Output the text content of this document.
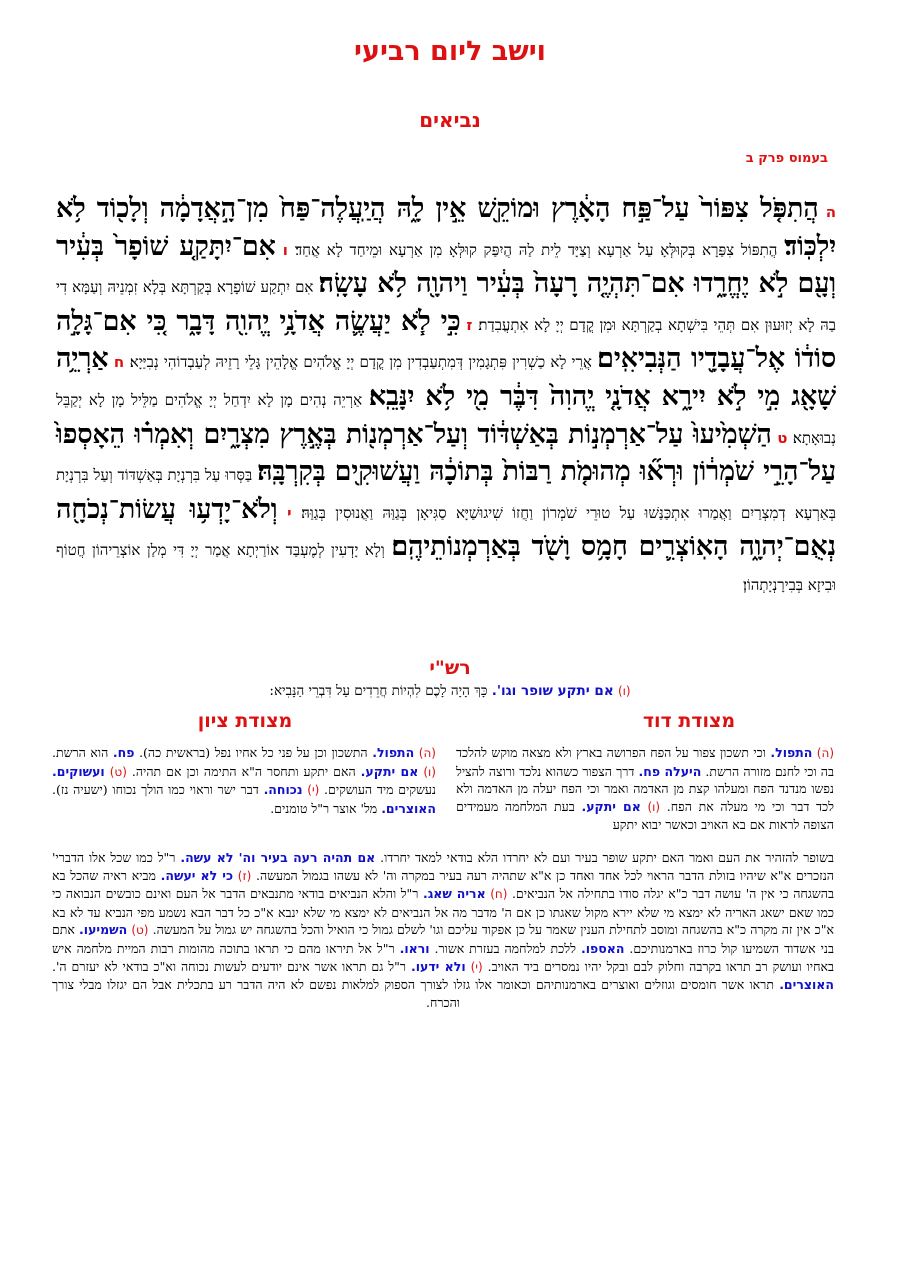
וישב ליום רביעי
נביאים
בעמוס פרק ב
ה הֲתִפֹּ֤ל צִפּוֹר֙ עַל־פַּ֣ח הָאָ֔רֶץ וּמוֹקֵ֖שׁ אֵ֣ין לָ֑הּ הֲיַֽעֲלֶה־פַּח֙ מִן־הָ֣אֲדָמָ֔ה וְלָכ֖וֹד לֹ֥א יִלְכּֽוֹד׃ הֲתִפּוֹל צִפַּרָא בְּקוּלְּאָ עַל אַרְעָא וְצַיָּד לֵית לַהּ הֲיִפַּק קוּלְּאָ מִן אַרְעָא וּמֵיחַד לָא אֲחַד׃ ו אִם־יִתָּקַ֤ע שׁוֹפָר֙ בְּעִ֔יר וְעָ֖ם לֹ֣א יֶחֱרָ֑דוּ אִם־תִּהְיֶ֤ה רָעָה֙ בְּעִ֔יר וַיהוָ֖ה לֹ֥א עָשָֽׂה׃ אִם יִתְקַע שׁוֹפָרָא בְּקַרְתָּא בְּלָא זִמְנֵיהּ וְעַמָּא דִי בַהּ לָא יְזוּעוּן אִם תְּהֵי בִּישְׁתָא בְקַרְתָּא וּמִן קֳדָם יְיָ לָא אִתְעֲבִדַת׃ ז כִּ֣י לֹ֧א יַעֲשֶׂ֛ה אֲדֹנָ֥י יֱהוִ֖ה דָּבָ֑ר כִּ֚י אִם־גָּלָ֣ה סוֹד֔וֹ אֶל־עֲבָדָ֖יו הַנְּבִיאִֽים׃ אֲרֵי לָא כַשְׁרִין פִּתְגָמִין דְּמִתְעַבְדִין מִן קֳדָם יְיָ אֱלֹהִים אֱלָהֵין גָּלֵי רָזֵיהּ לְעַבְדוֹהִי נְבִיַּיָא׃ ח אַרְיֵ֥ה שָׁאָ֖ג מִ֣י לֹ֣א יִירָ֑א אֲדֹנָ֤י יֱהוִה֙ דִּבֶּ֔ר מִ֖י לֹ֥א יִנָּבֵֽא׃ אַרְיֵה נְהִים מָן לָא יִדְחַל יְיָ אֱלֹהִים מַלֵּיל מָן לָא יְקַבֵּל נְבוּאָתָא׃ ט הַשְׁמִ֙יעוּ֙ עַל־אַרְמְנ֣וֹת בְּאַשְׁדּ֔וֹד וְעַל־אַרְמְנ֖וֹת בְּאֶ֣רֶץ מִצְרָ֑יִם וְאִמְר֗וּ הֵאָסְפוּ֙ עַל־הָרֵ֣י שֹׁמְר֔וֹן וּרְא֞וּ מְהוּמֹ֤ת רַבּוֹת֙ בְּתוֹכָ֔הּ וַעֲשׁוּקִ֖ים בְּקִרְבָּֽהּ׃ בַּסְּרוּ עַל בִּרְנְיָת בְּאַשְׁדּוֹד וְעַל בִּרְנְיָת בְּאַרְעָא דְמִצְרַיִם וַאֲמַרוּ אִתְכַּנַּשׁוּ עַל טוּרֵי שֹׁמְרוֹן וַחֲזוֹ שִׁיגוּשַׁיָּא סַגִּיאָן בְּגַוַּהּ וַאֲנוּסִין בְּגַוַּהּ׃ י וְלֹא־יָדְע֥וּ עֲשׂוֹת־נְכֹחָ֖ה נְאֻם־יְהוָ֑ה הָאֽוֹצְרִ֛ים חָמָ֥ס וָשֹׁ֖ד בְּאַרְמְנוֹתֵיהֶֽם׃ וְלָא יָדְעִין לְמֶעְבַּד אוֹרַיְתָא אֲמַר יְיָ דִּי מְלַן אוֹצְרֵיהוֹן חֲטוֹף וּבִיזָא בְּבִירָנְיָתְהוֹן׃
רש"י
(ו) אם יתקע שופר וגו'. כָּךְ הָיָה לָכֶם לִהְיוֹת חֲרֵדִים עַל דִּבְרֵי הַנָּבִיא:
מצודת דוד
מצודת ציון
(ה) התפול. וכי תשכון צפור על הפח הפרושה בארץ ולא מצאה מוקש להלכד בה וכי לחנם מזורה הרשת. היעלה פח. דרך הצפור כשהוא נלכד ורוצה להציל נפשו מנדנד הפח ומעלהו קצת מן האדמה ואמר וכי הפח יעלה מן האדמה ולא לכד דבר וכי מי מעלה את הפח. (ו) אם יתקע. בעת המלחמה מעמידים הצופה לראות אם בא האויב וכאשר יבוא יתקע
(ה) התפול. התשכון וכן על פני כל אחיו נפל (בראשית כה). פח. הוא הרשת. (ו) אם יתקע. האם יתקע ותחסר ה"א התימה וכן אם תהיה. (ט) ועשוקים. נעשקים מיד העושקים. (י) נכוחה. דבר ישר וראוי כמו הולך נכוחו (ישעיה נז). האוצרים. מל' אוצר ר"ל טומנים.
בשופר להזהיר את העם ואמר האם יתקע שופר בעיר ועם לא יחרדו הלא בודאי למאד יחרדו. אם תהיה רעה בעיר וה' לא עשה. ר"ל כמו שכל אלו הדברי' הנזכרים א"א שיהיו בזולת הדבר הראוי לכל אחד ואחד כן א"א שתהיה רעה בעיר במקרה וה' לא עשהו בגמול המעשה. (ז) כי לא יעשה. מביא ראיה שהכל בא בהשגחה כי אין ה' עושה דבר כ"א יגלה סודו בתחילה אל הנביאים. (ח) אריה שאג. ר"ל והלא הנביאים בודאי מתנבאים הדבר אל העם ואינם כובשים הנבואה כי כמו שאם ישאג האריה לא ימצא מי שלא יירא מקול שאגתו כן אם ה' מדבר מה אל הנביאים לא ימצא מי שלא ינבא א"כ כל דבר הבא נשמע מפי הנביא עד לא בא א"כ אין זה מקרה כ"א בהשגחה ומוסב לתחילת הענין שאמר על כן אפקוד עליכם וגו' לשלם גמול כי הואיל והכל בהשגחה יש גמול על המעשה. (ט) השמיעו. אתם בני אשדוד השמיעו קול כרוז בארמנותיכם. האספו. ללכת למלחמה בעזרת אשור. וראו. ר"ל אל תיראו מהם כי תראו בתוכה מהומות רבות המיית מלחמה איש באחיו ועושק רב תראו בקרבה וחלוק לבם ובקל יהיו נמסרים ביד האויב. (י) ולא ידעו. ר"ל גם תראו אשר אינם יודעים לעשות נכוחה וא"כ בודאי לא יעזרם ה'. האוצרים. תראו אשר חומסים וגוזלים ואוצרים בארמנותיהם וכאומר אלו גזלו לצורך הספוק למלאות נפשם לא היה הדבר רע בתכלית אבל הם יגזלו מבלי צורך והכרח.
